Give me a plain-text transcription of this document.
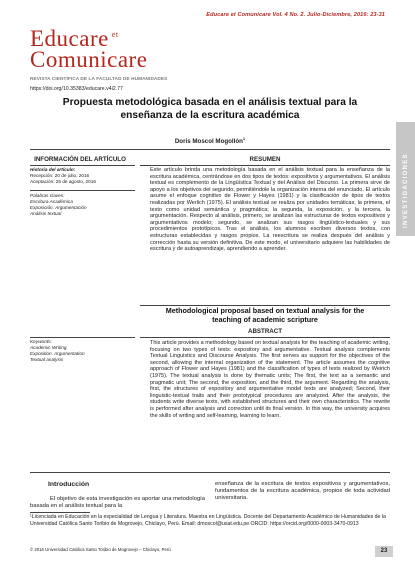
Educare et Comunicare Vol. 4 No. 2. Julio-Diciembre, 2016: 23-31
Educare $^{et}$
Comunicare
REVISTA CIENTÍFICA DE LA FACULTAD DE HUMANIDADES
https://doi.org/10.35383/educare.v4i2.77
Propuesta metodológica basada en el análisis textual para la
enseñanza de la escritura académica
Doris Moscol Mogollón$^1$
INVESTIGACIONES
INFORMACIÓN DEL ARTÍCULO	RESUMEN
Historia del artículo:
Recepción: 20 de julio, 2016
Aceptación: 25 de agosto, 2016
Palabras claves:
Escritura Académica
Exposición. Argumentación
Análisis textual
Este artículo brinda una metodología basada en el análisis textual para la enseñanza de la escritura académica, centrándose en dos tipos de textos: expositivos y argumentativos. El análisis textual es complemento de la Lingüística Textual y del Análisis del Discurso. La primera sirve de apoyo a los objetivos del segundo, permitiéndole la organización interna del enunciado. El artículo asume el enfoque cognitivo de Flower y Hayes (1981) y la clasificación de tipos de textos realizadas por Werlich (1975). El análisis textual se realiza por unidades temáticas; la primera, el texto como unidad semántica y pragmática; la segunda, la exposición, y la tercera, la argumentación. Respecto al análisis, primero, se analizan las estructuras de textos expositivos y argumentativos modelo; segundo, se analizan sus rasgos lingüístico-textuales y sus procedimientos prototípicos. Tras el análisis, los alumnos escriben diversos textos, con estructuras establecidas y rasgos propios. La reescritura se realiza después del análisis y corrección hasta su versión definitiva. De este modo, el universitario adquiere las habilidades de escritura y de autoaprendizaje, aprendiendo a aprender.
Methodological proposal based on textual analysis for the
teaching of academic scripture
ABSTRACT
Keywords:
Academic Writing
Exposition. Argumentation
Textual analysis
This article provides a methodology based on textual analysis for the teaching of academic writing, focusing on two types of texts: expository and argumentative. Textual analysis complements Textual Linguistics and Discourse Analysis. The first serves as support for the objectives of the second, allowing the internal organization of the statement. The article assumes the cognitive approach of Flower and Hayes (1981) and the classification of types of texts realized by Weirich (1975). The textual analysis is done by thematic units; The first, the text as a semantic and pragmatic unit; The second, the exposition, and the third, the argument. Regarding the analysis, first, the structures of expository and argumentative model texts are analyzed; Second, their linguistic-textual traits and their prototypical procedures are analyzed. After the analysis, the students write diverse texts, with established structures and their own characteristics. The rewrite is performed after analysis and correction until its final version. In this way, the university acquires the skills of writing and self-learning, learning to learn.
Introducción
El objetivo de esta investigación es aportar una metodología basada en el análisis textual para la
enseñanza de la escritura de textos expositivos y argumentativos, fundamentos de la escritura académica, propios de toda actividad universitaria.
¹Licenciada en Educación en la especialidad de Lengua y Literatura. Maestra en Lingüística. Docente del Departamento Académico de Humanidades de la Universidad Católica Santo Toribio de Mogrovejo, Chiclayo, Perú. Email: dmoscol@usat.edu.pe ORCID: https://orcid.org/0000-0003-3470-0913
© 2016 Universidad Católica Santo Toribio de Mogrovejo – Chiclayo, Perú	23
